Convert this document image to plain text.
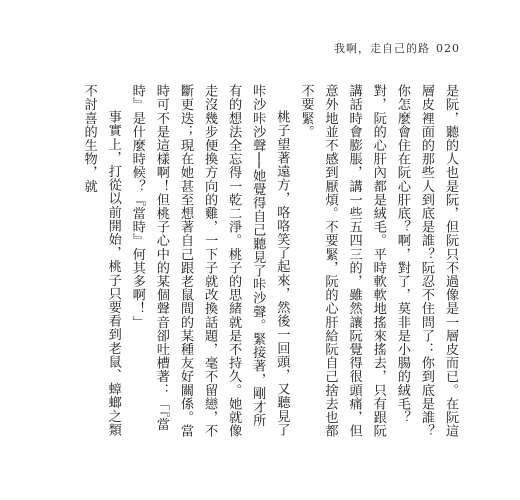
我啊，走自己的路 020

是阮，聽的人也是阮，但阮只不過像是一層皮而已。在阮這層皮裡面的那些人到底是誰？阮忍不住問了：你到底是誰？你怎麼會住在阮心肝底？啊，對了，莫非是小腸的絨毛？對，阮的心肝內都是絨毛。平時軟軟地搖來搖去，只有跟阮講話時會膨脹，講一些五四三的，雖然讓阮覺得很頭痛，但意外地並不感到厭煩。不要緊，阮的心肝給阮自己捨去也都不要緊。

桃子望著遠方，咯咯笑了起來，然後一回頭，又聽見了咔沙咔沙聲──她覺得自己聽見了咔沙聲。緊接著，剛才所有的想法全忘得一乾二淨。桃子的思緒就是不持久。她就像走沒幾步便換方向的雞，一下子就改換話題，毫不留戀，不斷更迭；現在她甚至想著自己跟老鼠間的某種友好關係。當時可不是這樣啊！但桃子心中的某個聲音卻吐槽著：「『當時』是什麼時候？『當時』何其多啊！」

事實上，打從以前開始，桃子只要看到老鼠、蟑螂之類不討喜的生物，就
